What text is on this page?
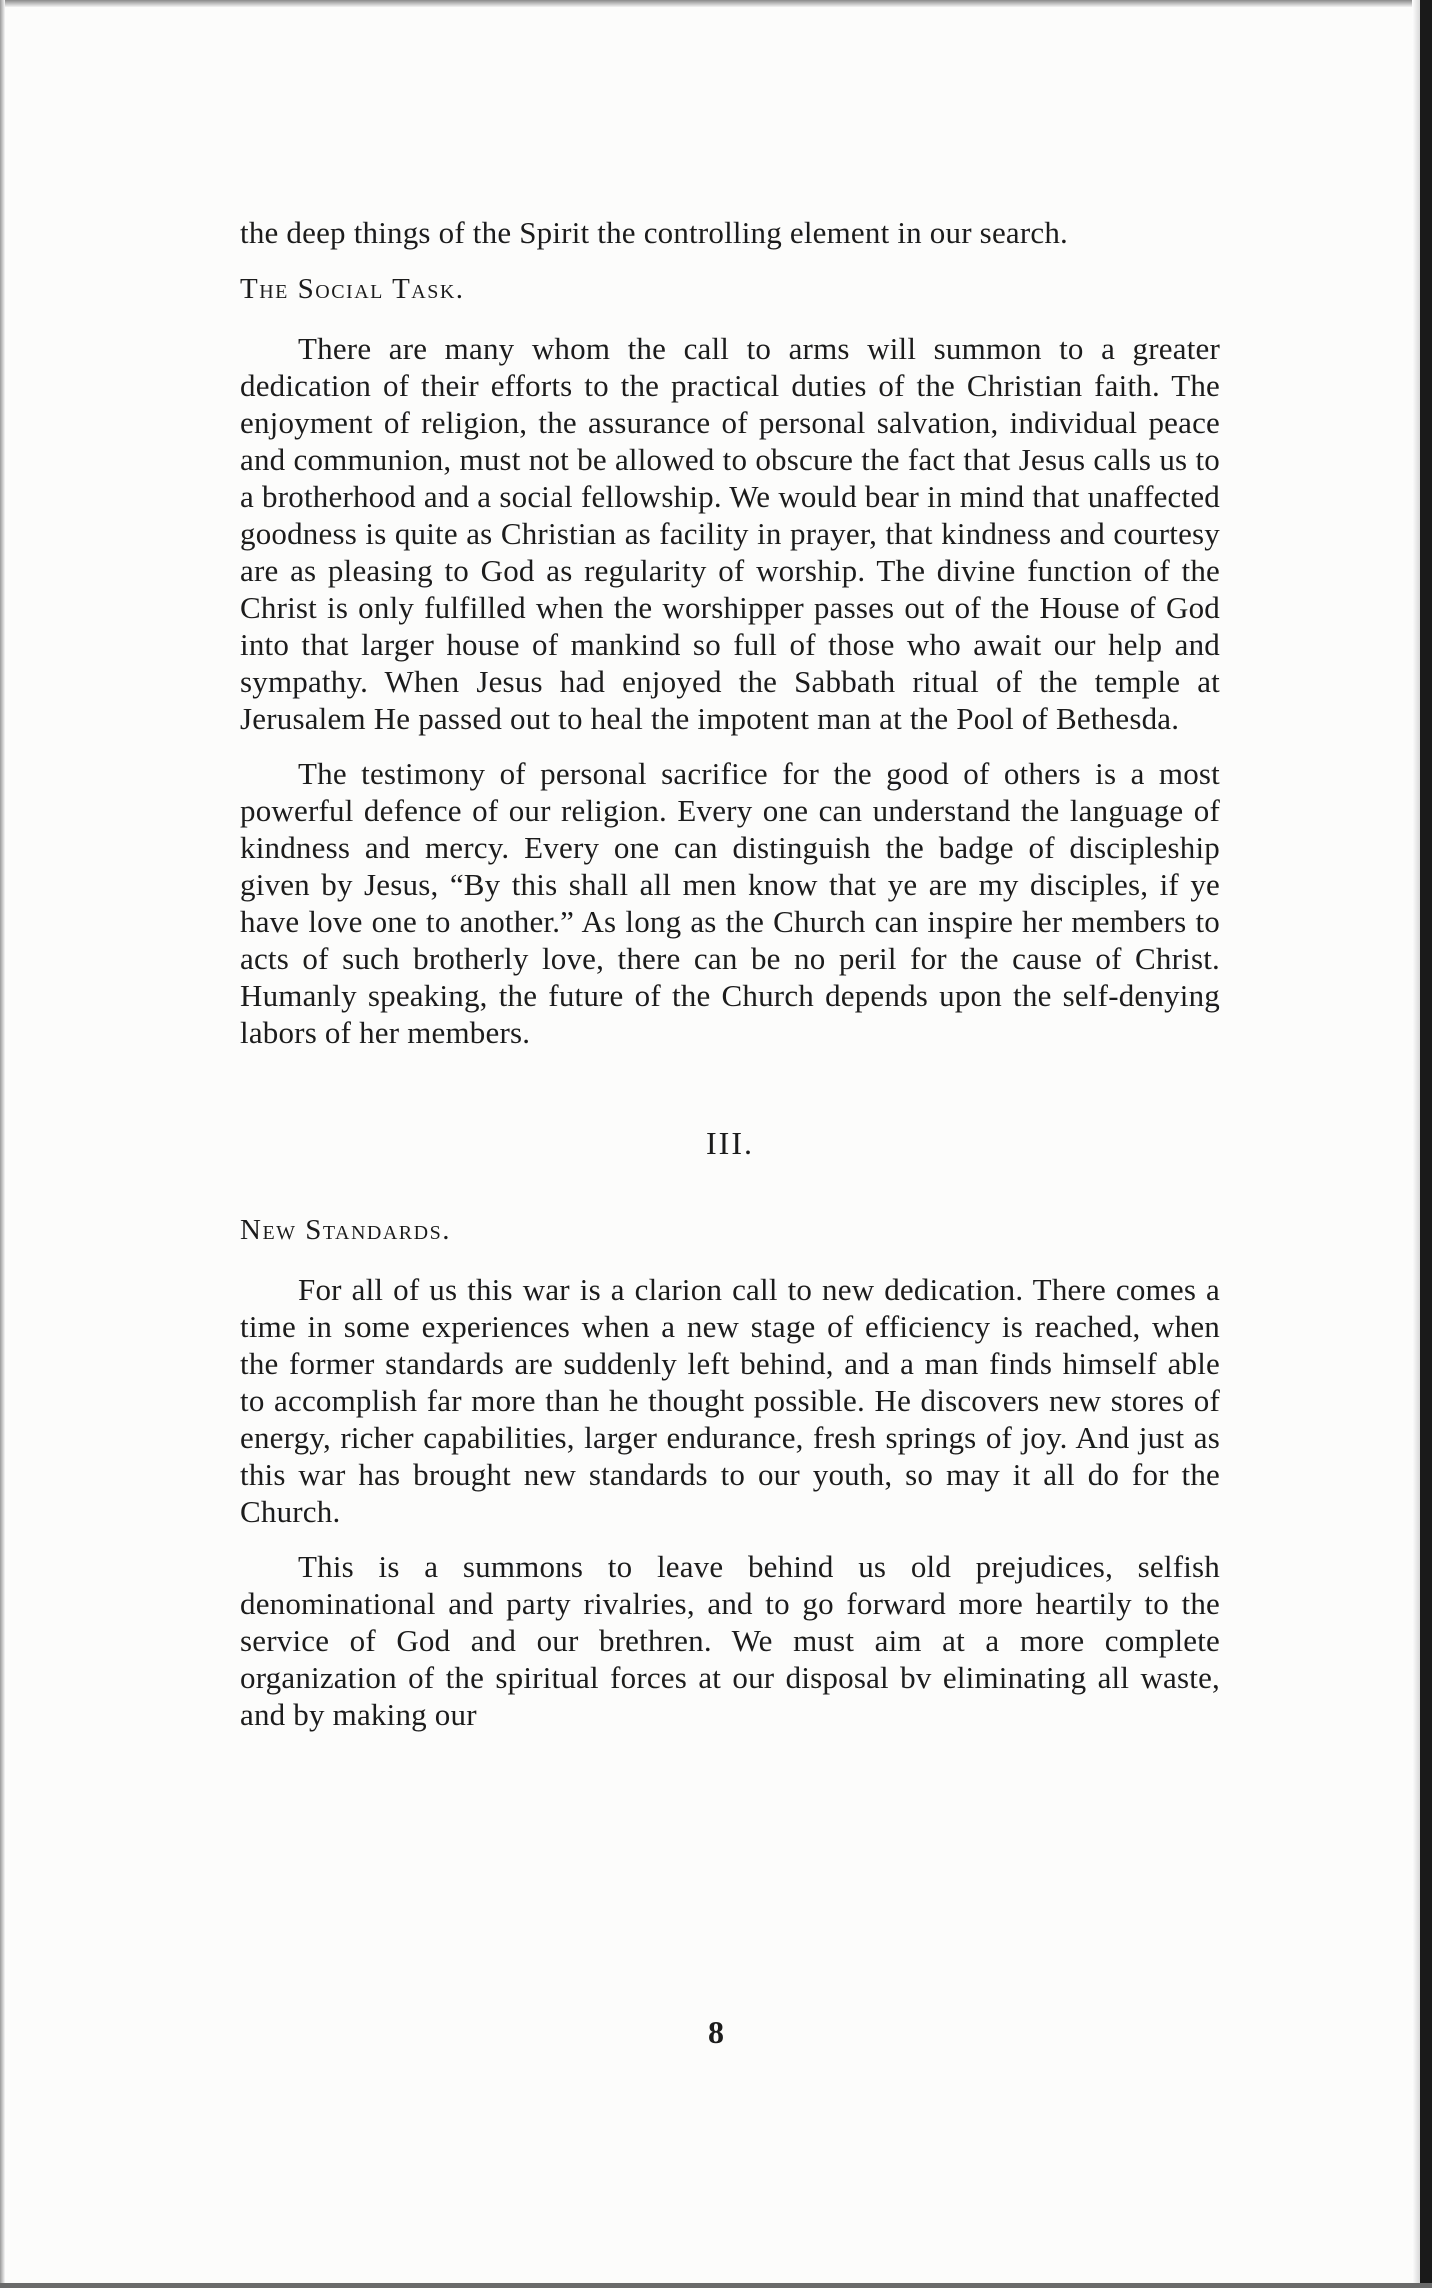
the deep things of the Spirit the controlling element in our search.

The Social Task.

There are many whom the call to arms will summon to a greater dedication of their efforts to the practical duties of the Christian faith. The enjoyment of religion, the assurance of personal salvation, individual peace and communion, must not be allowed to obscure the fact that Jesus calls us to a brotherhood and a social fellowship. We would bear in mind that unaffected goodness is quite as Christian as facility in prayer, that kindness and courtesy are as pleasing to God as regularity of worship. The divine function of the Christ is only fulfilled when the worshipper passes out of the House of God into that larger house of mankind so full of those who await our help and sympathy. When Jesus had enjoyed the Sabbath ritual of the temple at Jerusalem He passed out to heal the impotent man at the Pool of Bethesda.

The testimony of personal sacrifice for the good of others is a most powerful defence of our religion. Every one can understand the language of kindness and mercy. Every one can distinguish the badge of discipleship given by Jesus, “By this shall all men know that ye are my disciples, if ye have love one to another.” As long as the Church can inspire her members to acts of such brotherly love, there can be no peril for the cause of Christ. Humanly speaking, the future of the Church depends upon the self-denying labors of her members.

III.
New Standards.

For all of us this war is a clarion call to new dedication. There comes a time in some experiences when a new stage of efficiency is reached, when the former standards are suddenly left behind, and a man finds himself able to accomplish far more than he thought possible. He discovers new stores of energy, richer capabilities, larger endurance, fresh springs of joy. And just as this war has brought new standards to our youth, so may it all do for the Church.

This is a summons to leave behind us old prejudices, selfish denominational and party rivalries, and to go forward more heartily to the service of God and our brethren. We must aim at a more complete organization of the spiritual forces at our disposal bv eliminating all waste, and by making our

8
